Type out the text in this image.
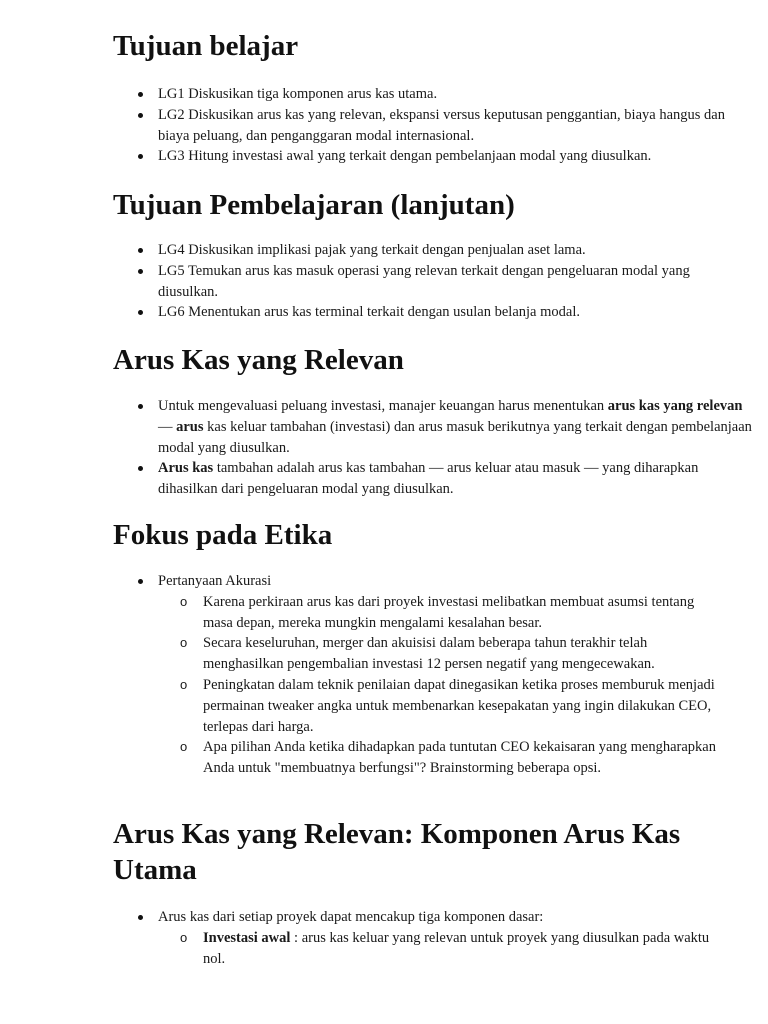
Tujuan belajar
LG1 Diskusikan tiga komponen arus kas utama.
LG2 Diskusikan arus kas yang relevan, ekspansi versus keputusan penggantian, biaya hangus dan biaya peluang, dan penganggaran modal internasional.
LG3 Hitung investasi awal yang terkait dengan pembelanjaan modal yang diusulkan.
Tujuan Pembelajaran (lanjutan)
LG4 Diskusikan implikasi pajak yang terkait dengan penjualan aset lama.
LG5 Temukan arus kas masuk operasi yang relevan terkait dengan pengeluaran modal yang diusulkan.
LG6 Menentukan arus kas terminal terkait dengan usulan belanja modal.
Arus Kas yang Relevan
Untuk mengevaluasi peluang investasi, manajer keuangan harus menentukan arus kas yang relevan — arus kas keluar tambahan (investasi) dan arus masuk berikutnya yang terkait dengan pembelanjaan modal yang diusulkan.
Arus kas tambahan adalah arus kas tambahan — arus keluar atau masuk — yang diharapkan dihasilkan dari pengeluaran modal yang diusulkan.
Fokus pada Etika
Pertanyaan Akurasi
o Karena perkiraan arus kas dari proyek investasi melibatkan membuat asumsi tentang masa depan, mereka mungkin mengalami kesalahan besar.
o Secara keseluruhan, merger dan akuisisi dalam beberapa tahun terakhir telah menghasilkan pengembalian investasi 12 persen negatif yang mengecewakan.
o Peningkatan dalam teknik penilaian dapat dinegasikan ketika proses memburuk menjadi permainan tweaker angka untuk membenarkan kesepakatan yang ingin dilakukan CEO, terlepas dari harga.
o Apa pilihan Anda ketika dihadapkan pada tuntutan CEO kekaisaran yang mengharapkan Anda untuk "membuatnya berfungsi"? Brainstorming beberapa opsi.
Arus Kas yang Relevan: Komponen Arus Kas
Utama
Arus kas dari setiap proyek dapat mencakup tiga komponen dasar:
o Investasi awal : arus kas keluar yang relevan untuk proyek yang diusulkan pada waktu nol.
